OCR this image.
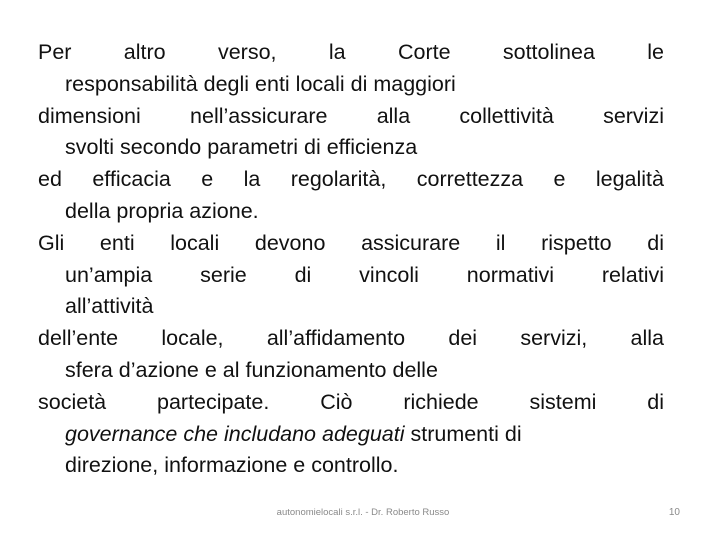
Per altro verso, la Corte sottolinea le
responsabilità degli enti locali di maggiori
dimensioni nell’assicurare alla collettività servizi
svolti secondo parametri di efficienza
ed efficacia e la regolarità, correttezza e legalità
della propria azione.
Gli enti locali devono assicurare il rispetto di
un’ampia serie di vincoli normativi relativi
all’attività
dell’ente locale, all’affidamento dei servizi, alla
sfera d’azione e al funzionamento delle
società partecipate. Ciò richiede sistemi di
governance che includano adeguati strumenti di
direzione, informazione e controllo.
autonomielocali s.r.l. - Dr. Roberto Russo	10
